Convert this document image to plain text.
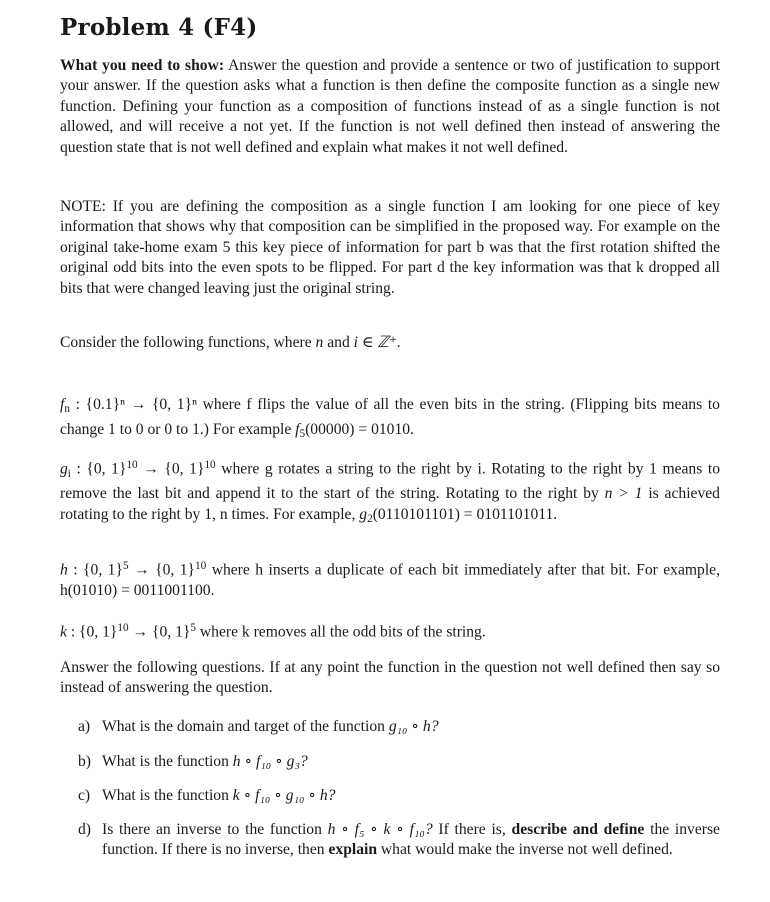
Problem 4 (F4)

What you need to show: Answer the question and provide a sentence or two of justification to support your answer. If the question asks what a function is then define the composite function as a single new function. Defining your function as a composition of functions instead of as a single function is not allowed, and will receive a not yet. If the function is not well defined then instead of answering the question state that is not well defined and explain what makes it not well defined.

NOTE: If you are defining the composition as a single function I am looking for one piece of key information that shows why that composition can be simplified in the proposed way. For example on the original take-home exam 5 this key piece of information for part b was that the first rotation shifted the original odd bits into the even spots to be flipped. For part d the key information was that k dropped all bits that were changed leaving just the original string.

Consider the following functions, where n and i ∈ ℤ⁺.

$f_n$ : {0.1}ⁿ → {0, 1}ⁿ where f flips the value of all the even bits in the string. (Flipping bits means to change 1 to 0 or 0 to 1.) For example $f_5(00000) = 01010$.

$g_i$ : {0, 1}$^{10}$ → {0, 1}$^{10}$ where g rotates a string to the right by i. Rotating to the right by 1 means to remove the last bit and append it to the start of the string. Rotating to the right by n > 1 is achieved rotating to the right by 1, n times. For example, $g_2(0110101101) = 0101101011$.

h : {0, 1}$^5$ → {0, 1}$^{10}$ where h inserts a duplicate of each bit immediately after that bit. For example, h(01010) = 0011001100.

k : {0, 1}$^{10}$ → {0, 1}$^5$ where k removes all the odd bits of the string.

Answer the following questions. If at any point the function in the question not well defined then say so instead of answering the question.

a) What is the domain and target of the function g₁₀ ∘ h?
b) What is the function h ∘ f₁₀ ∘ g₃?
c) What is the function k ∘ f₁₀ ∘ g₁₀ ∘ h?
d) Is there an inverse to the function h ∘ f₅ ∘ k ∘ f₁₀? If there is, describe and define the inverse function. If there is no inverse, then explain what would make the inverse not well defined.
